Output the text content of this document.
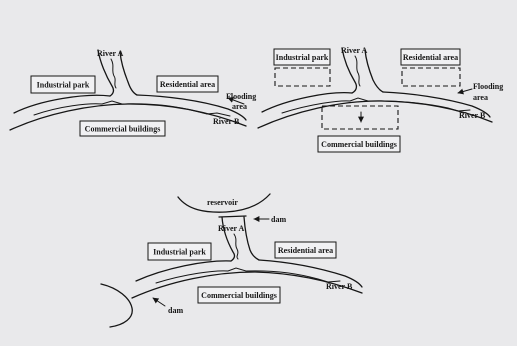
Industrial park	Residential area
River A
Flooding area
River B
Commercial buildings
Industrial park	Residential area
River A
Flooding area
River B
Commercial buildings
reservoir
dam
Industrial park	Residential area
River A
River B
Commercial buildings
dam
